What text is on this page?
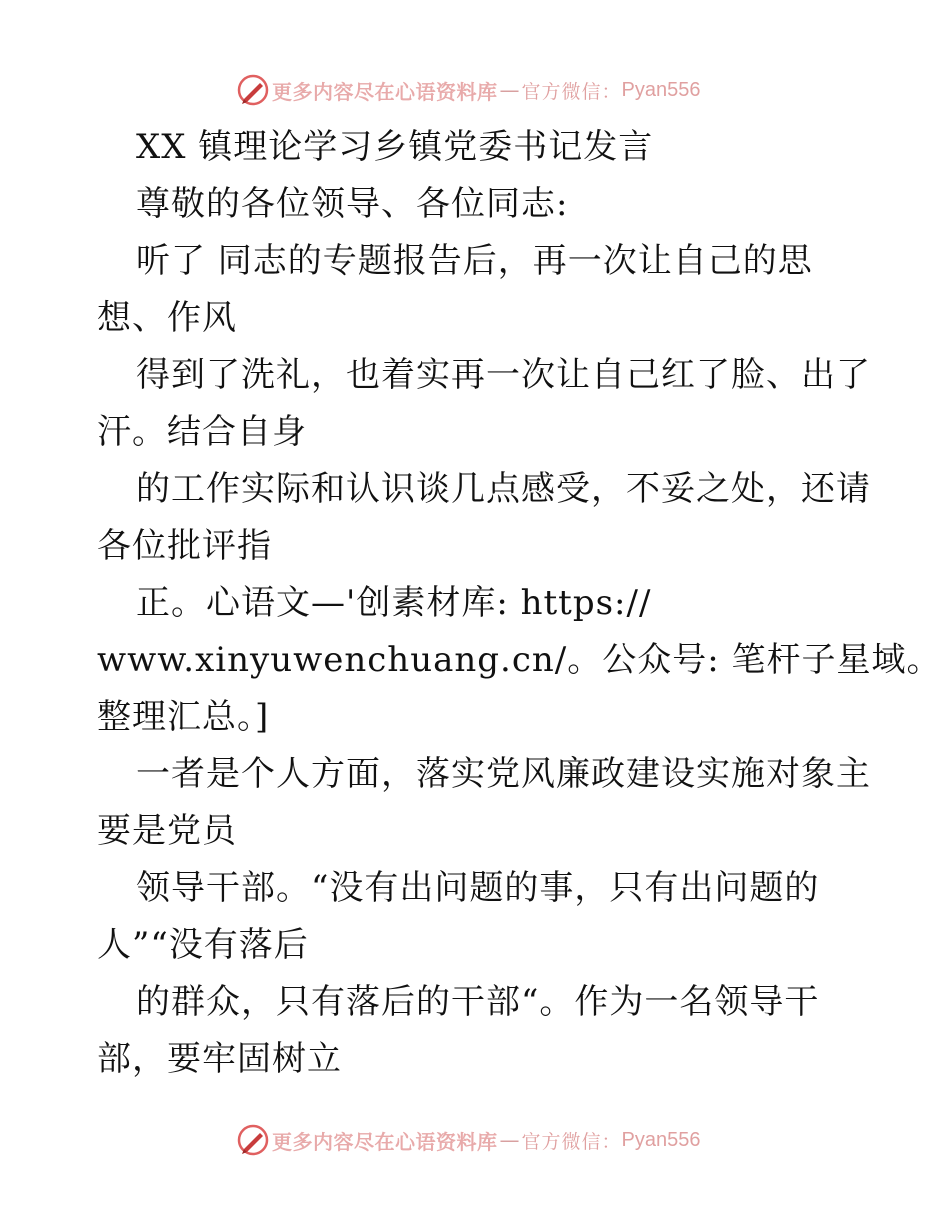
更多内容尽在心语资料库 — 官方微信： Pyan556
XX 镇理论学习乡镇党委书记发言
尊敬的各位领导、各位同志:
听了 同志的专题报告后，再一次让自己的思
想、作风
得到了洗礼，也着实再一次让自己红了脸、出了
汗。结合自身
的工作实际和认识谈几点感受，不妥之处，还请
各位批评指
正。心语文—'创素材库: https://
www.xinyuwenchuang.cn/。公众号: 笔杆子星域。
整理汇总。]
一者是个人方面，落实党风廉政建设实施对象主
要是党员
领导干部。“没有出问题的事，只有出问题的
人”“没有落后
的群众，只有落后的干部“。作为一名领导干
部，要牢固树立
更多内容尽在心语资料库 — 官方微信： Pyan556
